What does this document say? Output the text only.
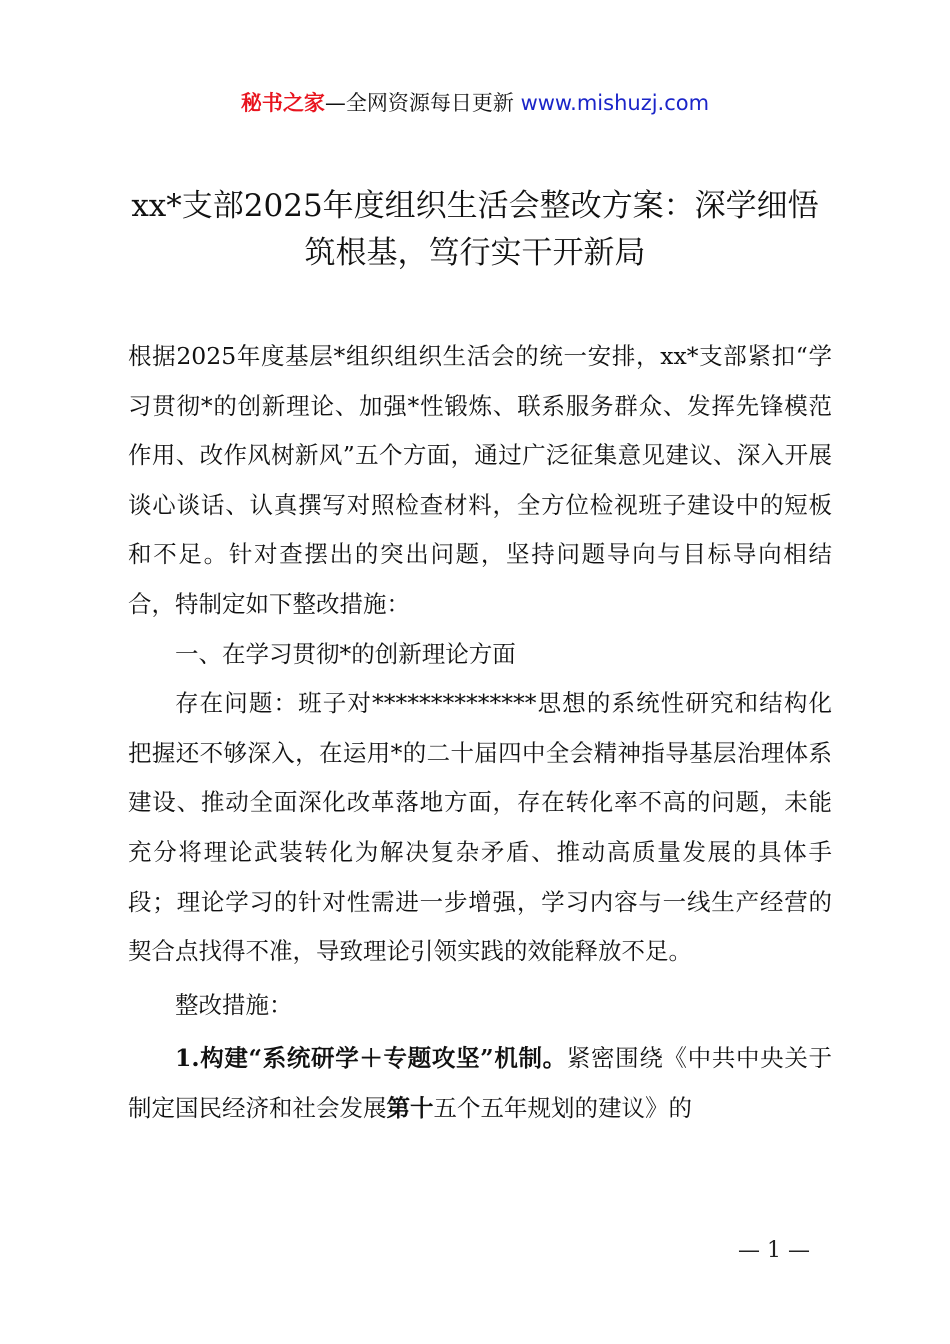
秘书之家—全网资源每日更新 www.mishuzj.com
xx*支部2025年度组织生活会整改方案：深学细悟筑根基，笃行实干开新局

根据2025年度基层*组织组织生活会的统一安排，xx*支部紧扣“学习贯彻*的创新理论、加强*性锻炼、联系服务群众、发挥先锋模范作用、改作风树新风”五个方面，通过广泛征集意见建议、深入开展谈心谈话、认真撰写对照检查材料，全方位检视班子建设中的短板和不足。针对查摆出的突出问题，坚持问题导向与目标导向相结合，特制定如下整改措施：

一、在学习贯彻*的创新理论方面

存在问题：班子对**************思想的系统性研究和结构化把握还不够深入，在运用*的二十届四中全会精神指导基层治理体系建设、推动全面深化改革落地方面，存在转化率不高的问题，未能充分将理论武装转化为解决复杂矛盾、推动高质量发展的具体手段；理论学习的针对性需进一步增强，学习内容与一线生产经营的契合点找得不准，导致理论引领实践的效能释放不足。

整改措施：

1.构建“系统研学＋专题攻坚”机制。紧密围绕《中共中央关于制定国民经济和社会发展第十五个五年规划的建议》的

— 1 —
